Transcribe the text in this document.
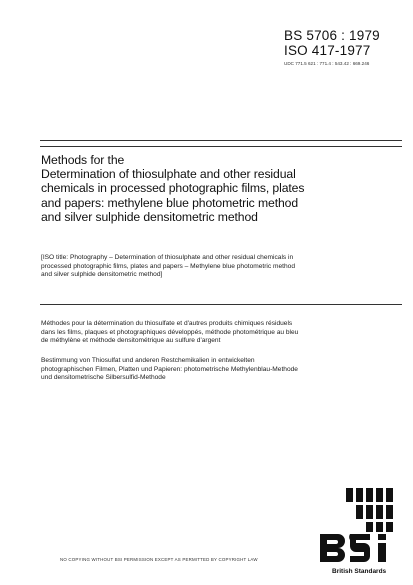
BS 5706 : 1979
ISO 417-1977
UDC 771.5 621 : 771.4 : 543.42 : 669.246
Methods for the
Determination of thiosulphate and other residual
chemicals in processed photographic films, plates
and papers: methylene blue photometric method
and silver sulphide densitometric method
[ISO title: Photography – Determination of thiosulphate and other residual chemicals in
processed photographic films, plates and papers – Methylene blue photometric method
and silver sulphide densitometric method]
Méthodes pour la détermination du thiosulfate et d'autres produits chimiques résiduels
dans les films, plaques et photographiques développés, méthode photométrique au bleu
de méthylène et méthode densitométrique au sulfure d'argent
Bestimmung von Thiosulfat und anderen Restchemikalien in entwickelten
photographischen Filmen, Platten und Papieren: photometrische Methylenblau-Methode
und densitometrische Silbersulfid-Methode
NO COPYING WITHOUT BSI PERMISSION EXCEPT AS PERMITTED BY COPYRIGHT LAW
British Standards
